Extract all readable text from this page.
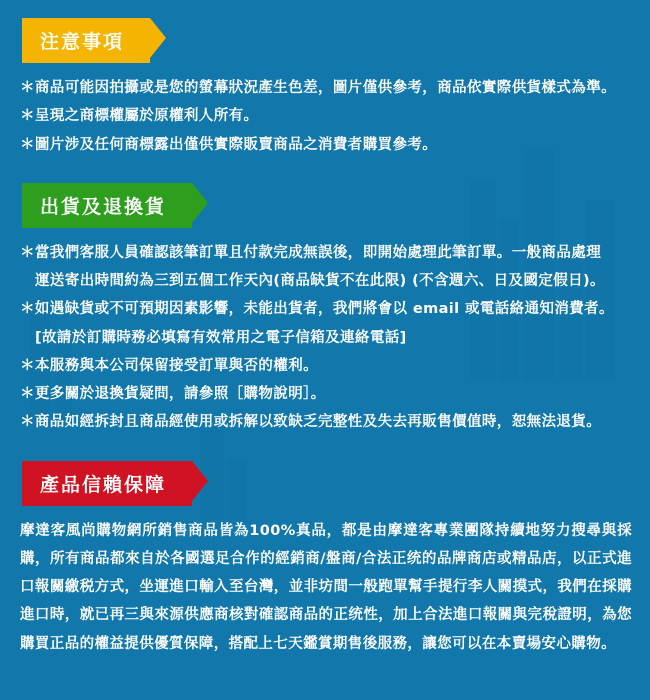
注意事項

＊商品可能因拍攝或是您的螢幕狀況產生色差，圖片僅供參考，商品依實際供貨樣式為準。

＊呈現之商標權屬於原權利人所有。

＊圖片涉及任何商標露出僅供實際販賣商品之消費者購買參考。

出貨及退換貨

＊當我們客服人員確認該筆訂單且付款完成無誤後，即開始處理此筆訂單。一般商品處理

運送寄出時間約為三到五個工作天內(商品缺貨不在此限) (不含週六、日及國定假日)。

＊如遇缺貨或不可預期因素影響，未能出貨者，我們將會以 email 或電話絡通知消費者。

[故請於訂購時務必填寫有效常用之電子信箱及連絡電話]

＊本服務與本公司保留接受訂單與否的權利。

＊更多關於退換貨疑問，請參照［購物說明］。

＊商品如經拆封且商品經使用或拆解以致缺乏完整性及失去再販售價值時，恕無法退貨。

產品信賴保障

摩達客風尚購物網所銷售商品皆為100%真品，都是由摩達客專業團隊持續地努力搜尋與採購，所有商品都來自於各國選足合作的經銷商/盤商/合法正统的品牌商店或精品店，以正式進口報關繳税方式，坐運進口輸入至台灣，並非坊間一般跑單幫手提行李人關摸式，我們在採購進口時，就已再三與來源供應商核對確認商品的正统性，加上合法進口報關與完稅證明，為您購買正品的權益提供優質保障，搭配上七天鑑賞期售後服務，讓您可以在本賣場安心購物。
